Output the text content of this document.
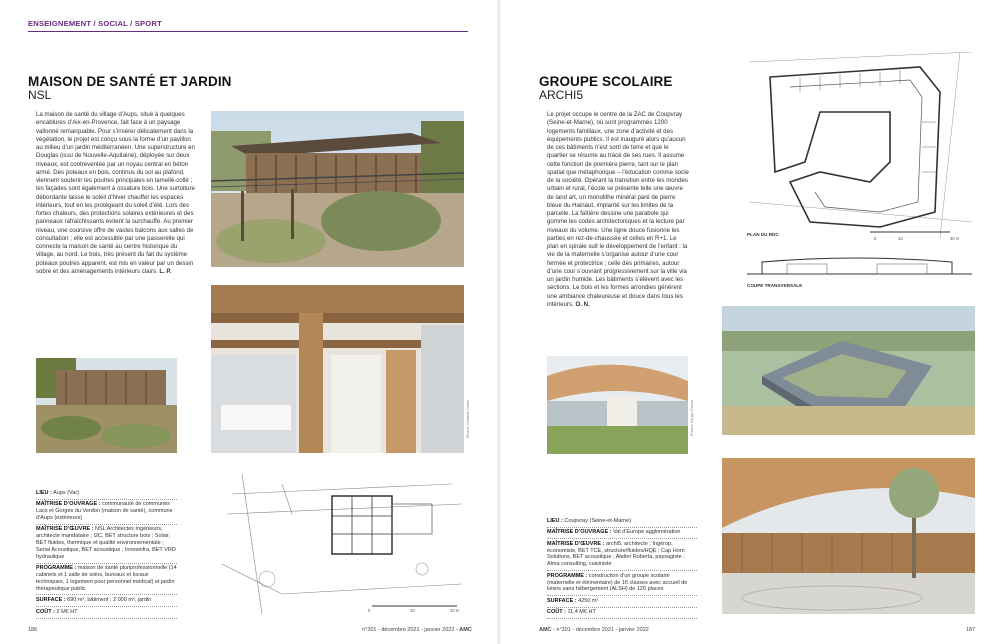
ENSEIGNEMENT / SOCIAL / SPORT
MAISON DE SANTÉ ET JARDIN
NSL
La maison de santé du village d’Aups, situé à quelques encablures d’Aix-en-Provence, fait face à un paysage vallonné remarquable. Pour s’insérer délicatement dans la végétation, le projet est conçu sous la forme d’un pavillon au milieu d’un jardin méditerranéen. Une superstructure en Douglas (issu de Nouvelle-Aquitaine), déployée sur deux niveaux, est contreventée par un noyau central en béton armé. Des poteaux en bois, continus du sol au plafond, viennent soutenir les poutres principales en lamellé-collé ; les façades sont également à ossature bois. Une surtoiture débordante laisse le soleil d’hiver chauffer les espaces intérieurs, tout en les protégeant du soleil d’été. Lors des fortes chaleurs, des protections solaires extérieures et des panneaux rafraîchissants évitent la surchauffe. Au premier niveau, une coursive offre de vastes balcons aux salles de consultation ; elle est accessible par une passerelle qui connecte la maison de santé au centre historique du village, au nord. Le bois, très présent du fait du système poteaux poutres apparent, est mis en valeur par un dessin sobre et des aménagements intérieurs clairs. L. P.
Photos Gabriele Nobel
0	10	20 m
LIEU : Aups (Var)
MAÎTRISE D’OUVRAGE : communauté de communes Lacs et Gorges du Verdon (maison de santé), commune d’Aups (extérieurs)
MAÎTRISE D’ŒUVRE : NSL Architectes Ingénieurs, architecte mandataire ; I2C, BET structure bois ; Solair, BET fluides, thermique et qualité environnementale ; Serial Acoustique, BET acoustique ; Innovinfra, BET VRD hydraulique
PROGRAMME : maison de santé pluriprofessionnelle (14 cabinets et 1 salle de soins, bureaux et locaux techniques, 1 logement pour personnel médical) et jardin thérapeutique public
SURFACE : 690 m², bâtiment ; 2 000 m², jardin
COÛT : 2 M€ HT
186	n°301 - décembre 2021 - janvier 2022 - AMC
GROUPE SCOLAIRE
ARCHI5
Le projet occupe le centre de la ZAC de Coupvray (Seine-et-Marne), où sont programmés 1200 logements familiaux, une zone d’activité et des équipements publics. Il est inauguré alors qu’aucun de ces bâtiments n’est sorti de terre et que le quartier se résume au tracé de ses rues. Il assume cette fonction de première pierre, tant sur le plan spatial que métaphorique – l’éducation comme socle de la société. Opérant la transition entre les mondes urbain et rural, l’école se présente telle une œuvre de land art, un monolithe minéral paré de pierre bleue du Hainaut, implanté sur les limites de la parcelle. La faîtière dessine une parabole qui gomme les codes architectoniques et la lecture par niveaux du volume. Une ligne douce fusionne les parties en rez-de-chaussée et celles en R+1. Le plan en spirale suit le développement de l’enfant : la vie de la maternelle s’organise autour d’une cour fermée et protectrice ; celle des primaires, autour d’une cour s’ouvrant progressivement sur la ville via un jardin humide. Les bâtiments s’élèvent avec les sections. Le bois et les formes arrondies génèrent une ambiance chaleureuse et douce dans tous les intérieurs. O. N.
PLAN DU RDC
0	10	30 m
COUPE TRANSVERSALE
Photos Sergio Grazia
LIEU : Coupvray (Seine-et-Marne)
MAÎTRISE D’OUVRAGE : Val d’Europe agglomération
MAÎTRISE D’ŒUVRE : archi5, architecte ; Ingérop, économiste, BET TCE, structure/fluides/HQE ; Cap Horn Solutions, BET acoustique ; Atelier Roberta, paysagiste ; Alma consulting, cuisiniste
PROGRAMME : construction d’un groupe scolaire (maternelle et élémentaire) de 16 classes avec accueil de loisirs sans hébergement (ALSH) de 120 places
SURFACE : 4250 m²
COÛT : 11,4 M€ HT
AMC - n°301 - décembre 2021 - janvier 2022	187
